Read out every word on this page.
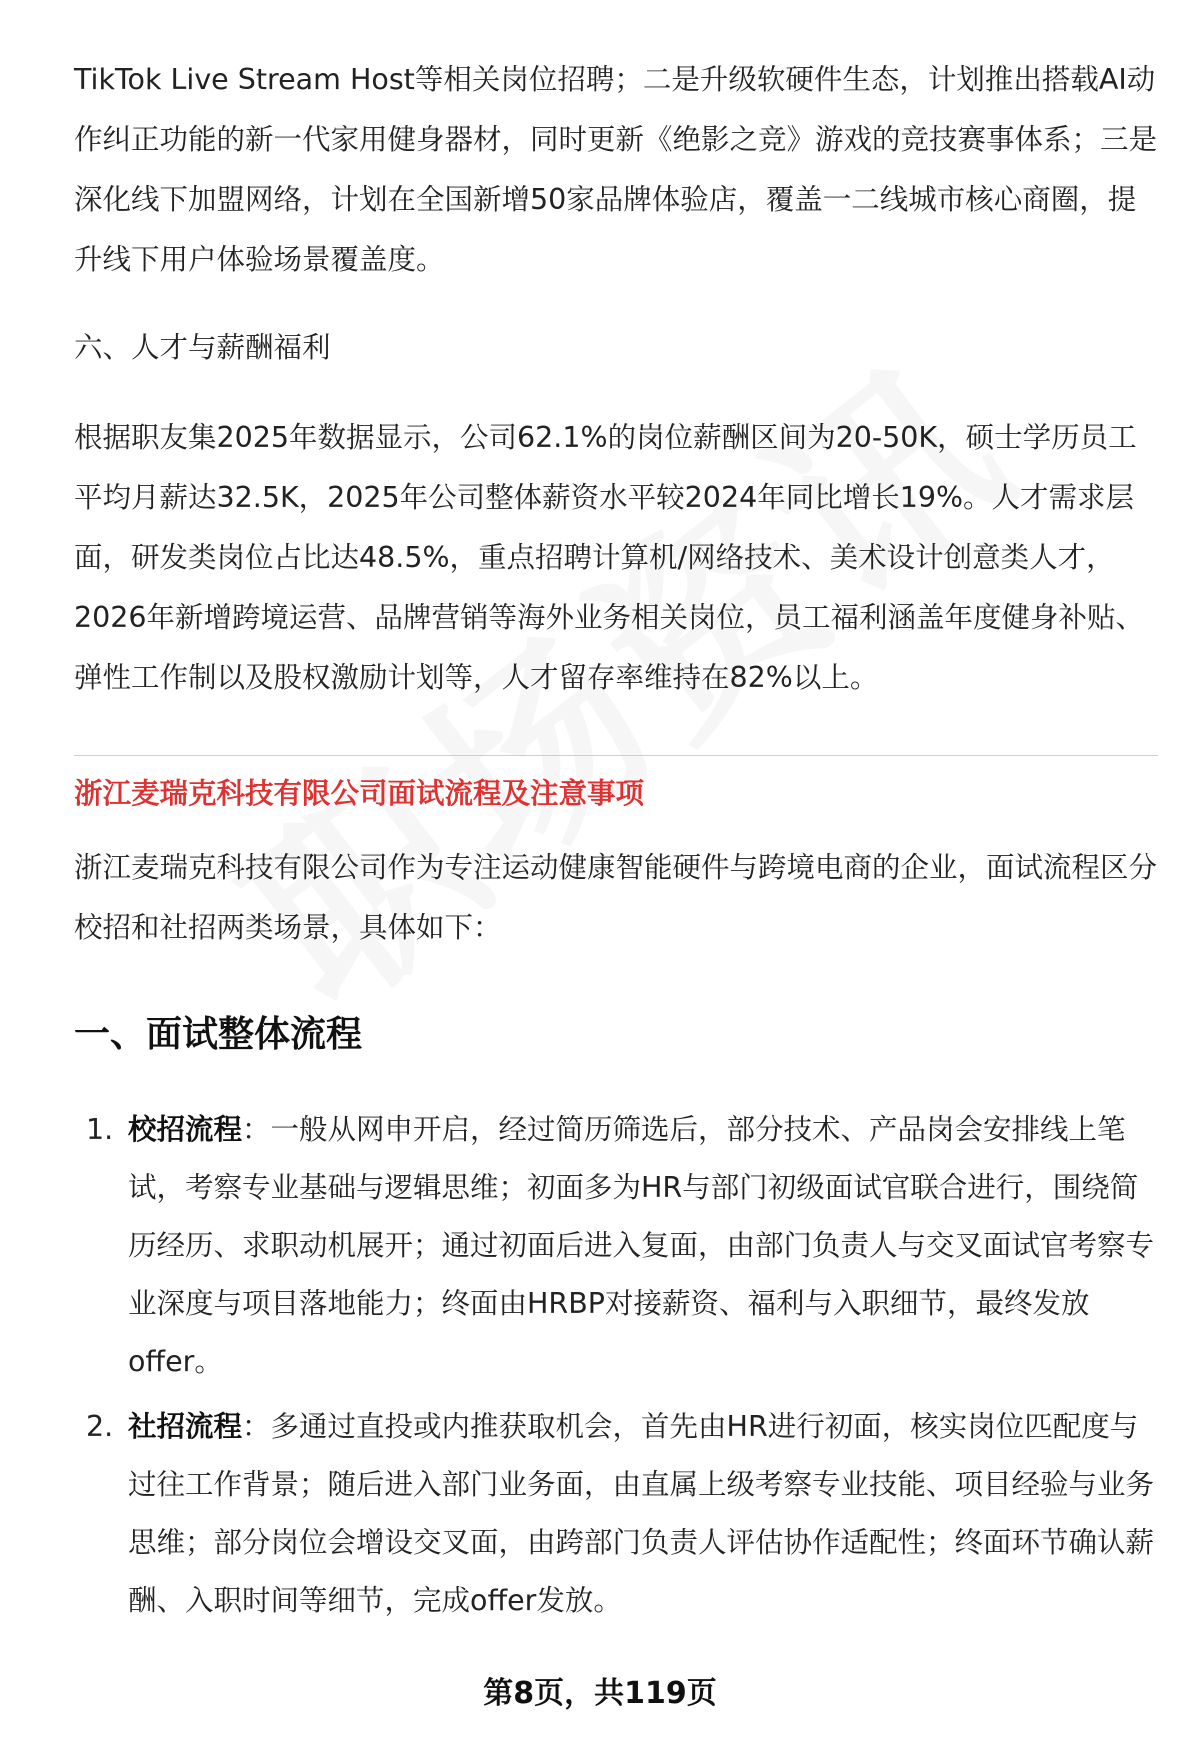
TikTok Live Stream Host等相关岗位招聘；二是升级软硬件生态，计划推出搭载AI动作纠正功能的新一代家用健身器材，同时更新《绝影之竞》游戏的竞技赛事体系；三是深化线下加盟网络，计划在全国新增50家品牌体验店，覆盖一二线城市核心商圈，提升线下用户体验场景覆盖度。

六、人才与薪酬福利

根据职友集2025年数据显示，公司62.1%的岗位薪酬区间为20-50K，硕士学历员工平均月薪达32.5K，2025年公司整体薪资水平较2024年同比增长19%。人才需求层面，研发类岗位占比达48.5%，重点招聘计算机/网络技术、美术设计创意类人才，2026年新增跨境运营、品牌营销等海外业务相关岗位，员工福利涵盖年度健身补贴、弹性工作制以及股权激励计划等，人才留存率维持在82%以上。

浙江麦瑞克科技有限公司面试流程及注意事项

浙江麦瑞克科技有限公司作为专注运动健康智能硬件与跨境电商的企业，面试流程区分校招和社招两类场景，具体如下：

一、面试整体流程
1. 校招流程：一般从网申开启，经过简历筛选后，部分技术、产品岗会安排线上笔试，考察专业基础与逻辑思维；初面多为HR与部门初级面试官联合进行，围绕简历经历、求职动机展开；通过初面后进入复面，由部门负责人与交叉面试官考察专业深度与项目落地能力；终面由HRBP对接薪资、福利与入职细节，最终发放offer。

2. 社招流程：多通过直投或内推获取机会，首先由HR进行初面，核实岗位匹配度与过往工作背景；随后进入部门业务面，由直属上级考察专业技能、项目经验与业务思维；部分岗位会增设交叉面，由跨部门负责人评估协作适配性；终面环节确认薪酬、入职时间等细节，完成offer发放。

第8页，共119页
